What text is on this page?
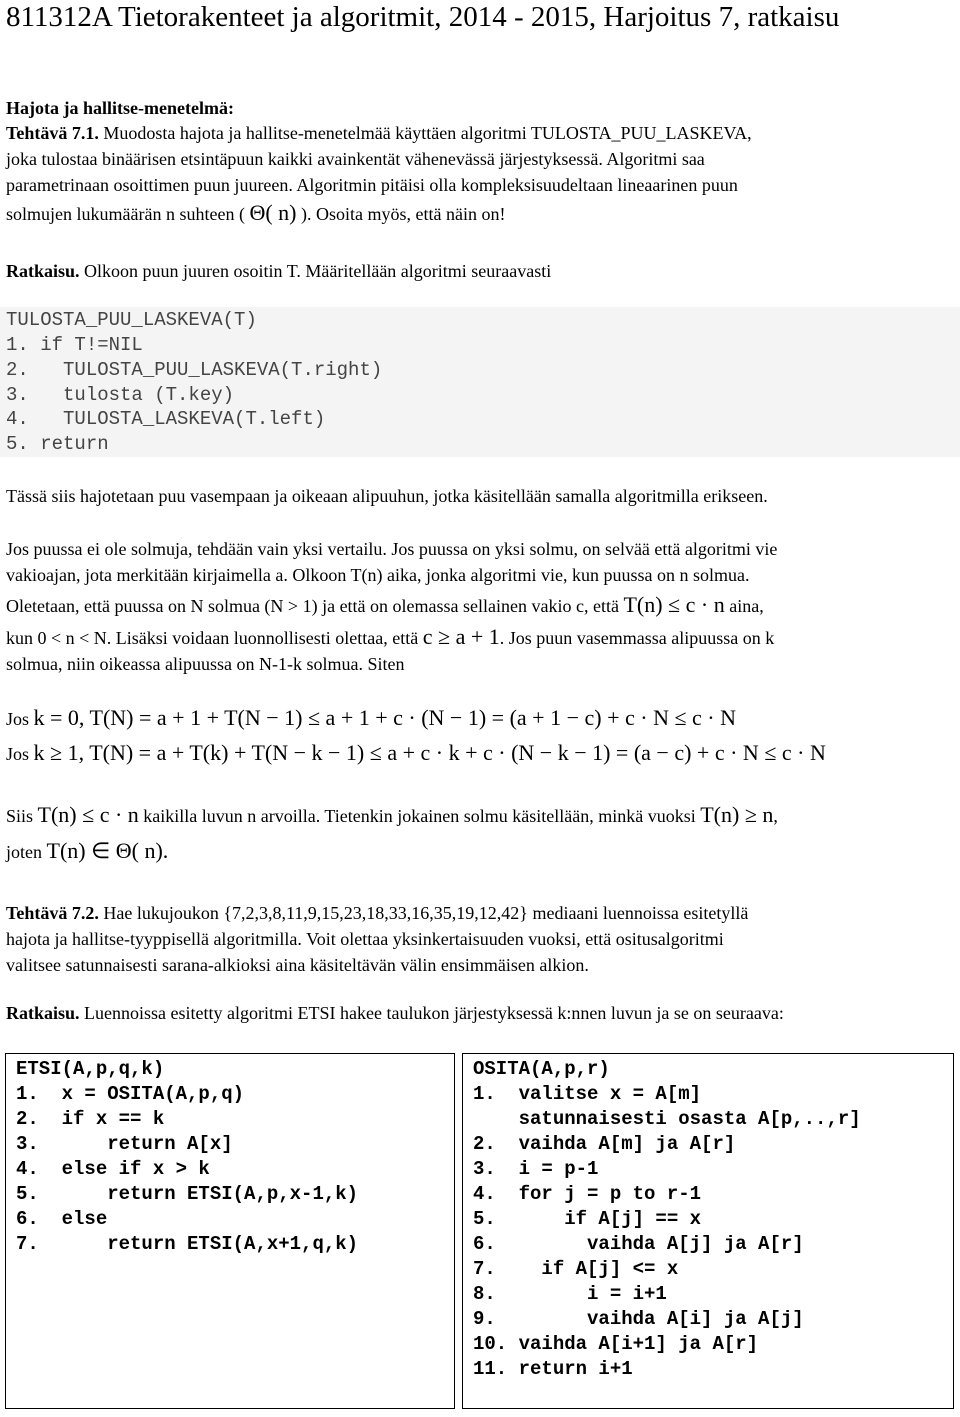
811312A Tietorakenteet ja algoritmit, 2014 - 2015, Harjoitus 7, ratkaisu
Hajota ja hallitse-menetelmä:
Tehtävä 7.1. Muodosta hajota ja hallitse-menetelmää käyttäen algoritmi TULOSTA_PUU_LASKEVA,
joka tulostaa binäärisen etsintäpuun kaikki avainkentät vähenevässä järjestyksessä. Algoritmi saa
parametrinaan osoittimen puun juureen. Algoritmin pitäisi olla kompleksisuudeltaan lineaarinen puun
solmujen lukumäärän n suhteen ( Θ( n) ). Osoita myös, että näin on!
Ratkaisu. Olkoon puun juuren osoitin T. Määritellään algoritmi seuraavasti
TULOSTA_PUU_LASKEVA(T)
1. if T!=NIL
2.   TULOSTA_PUU_LASKEVA(T.right)
3.   tulosta (T.key)
4.   TULOSTA_LASKEVA(T.left)
5. return
Tässä siis hajotetaan puu vasempaan ja oikeaan alipuuhun, jotka käsitellään samalla algoritmilla erikseen.
Jos puussa ei ole solmuja, tehdään vain yksi vertailu. Jos puussa on yksi solmu, on selvää että algoritmi vie
vakioajan, jota merkitään kirjaimella a. Olkoon T(n) aika, jonka algoritmi vie, kun puussa on n solmua.
Oletetaan, että puussa on N solmua (N > 1) ja että on olemassa sellainen vakio c, että T(n) ≤ c · n aina,
kun 0 < n < N. Lisäksi voidaan luonnollisesti olettaa, että c ≥ a + 1. Jos puun vasemmassa alipuussa on k
solmua, niin oikeassa alipuussa on N-1-k solmua. Siten
Jos k = 0, T(N) = a + 1 + T(N − 1) ≤ a + 1 + c · (N − 1) = (a + 1 − c) + c · N ≤ c · N
Jos k ≥ 1, T(N) = a + T(k) + T(N − k − 1) ≤ a + c · k + c · (N − k − 1) = (a − c) + c · N ≤ c · N
Siis T(n) ≤ c · n kaikilla luvun n arvoilla. Tietenkin jokainen solmu käsitellään, minkä vuoksi T(n) ≥ n,
joten T(n) ∈ Θ( n).
Tehtävä 7.2. Hae lukujoukon {7,2,3,8,11,9,15,23,18,33,16,35,19,12,42} mediaani luennoissa esitetyllä
hajota ja hallitse-tyyppisellä algoritmilla. Voit olettaa yksinkertaisuuden vuoksi, että ositusalgoritmi
valitsee satunnaisesti sarana-alkioksi aina käsiteltävän välin ensimmäisen alkion.
Ratkaisu. Luennoissa esitetty algoritmi ETSI hakee taulukon järjestyksessä k:nnen luvun ja se on seuraava:
ETSI(A,p,q,k)
1.  x = OSITA(A,p,q)
2.  if x == k
3.      return A[x]
4.  else if x > k
5.      return ETSI(A,p,x-1,k)
6.  else
7.      return ETSI(A,x+1,q,k)
OSITA(A,p,r)
1.  valitse x = A[m]
satunnaisesti osasta A[p,..,r]
2.  vaihda A[m] ja A[r]
3.  i = p-1
4.  for j = p to r-1
5.      if A[j] == x
6.        vaihda A[j] ja A[r]
7.    if A[j] <= x
8.        i = i+1
9.        vaihda A[i] ja A[j]
10. vaihda A[i+1] ja A[r]
11. return i+1
